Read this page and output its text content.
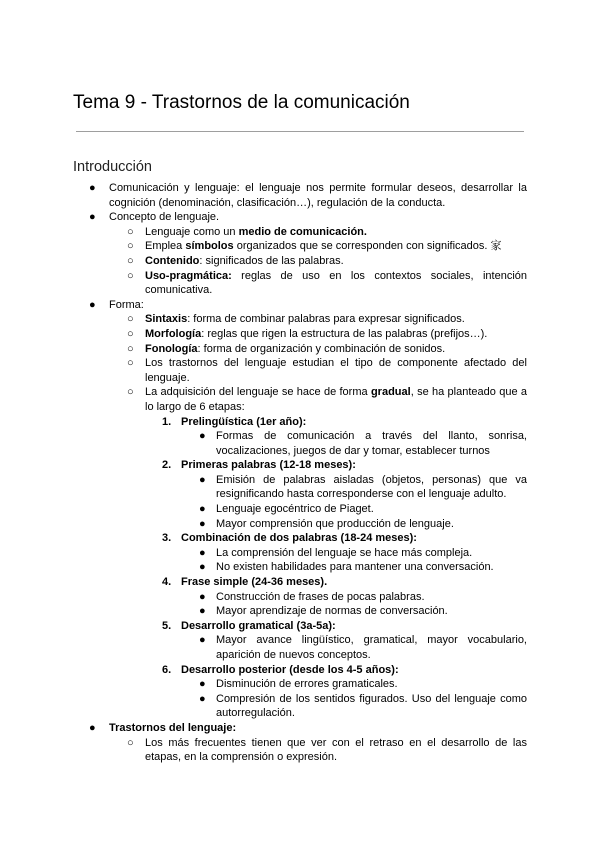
Tema 9 - Trastornos de la comunicación
Introducción
● Comunicación y lenguaje: el lenguaje nos permite formular deseos, desarrollar la cognición (denominación, clasificación…), regulación de la conducta.
● Concepto de lenguaje.
○ Lenguaje como un medio de comunicación.
○ Emplea símbolos organizados que se corresponden con significados. 家
○ Contenido: significados de las palabras.
○ Uso-pragmática: reglas de uso en los contextos sociales, intención comunicativa.
● Forma:
○ Sintaxis: forma de combinar palabras para expresar significados.
○ Morfología: reglas que rigen la estructura de las palabras (prefijos…).
○ Fonología: forma de organización y combinación de sonidos.
○ Los trastornos del lenguaje estudian el tipo de componente afectado del lenguaje.
○ La adquisición del lenguaje se hace de forma gradual, se ha planteado que a lo largo de 6 etapas:
1. Prelingüística (1er año):
● Formas de comunicación a través del llanto, sonrisa, vocalizaciones, juegos de dar y tomar, establecer turnos
2. Primeras palabras (12-18 meses):
● Emisión de palabras aisladas (objetos, personas) que va resignificando hasta corresponderse con el lenguaje adulto.
● Lenguaje egocéntrico de Piaget.
● Mayor comprensión que producción de lenguaje.
3. Combinación de dos palabras (18-24 meses):
● La comprensión del lenguaje se hace más compleja.
● No existen habilidades para mantener una conversación.
4. Frase simple (24-36 meses).
● Construcción de frases de pocas palabras.
● Mayor aprendizaje de normas de conversación.
5. Desarrollo gramatical (3a-5a):
● Mayor avance lingüístico, gramatical, mayor vocabulario, aparición de nuevos conceptos.
6. Desarrollo posterior (desde los 4-5 años):
● Disminución de errores gramaticales.
● Compresión de los sentidos figurados. Uso del lenguaje como autorregulación.
● Trastornos del lenguaje:
○ Los más frecuentes tienen que ver con el retraso en el desarrollo de las etapas, en la comprensión o expresión.
